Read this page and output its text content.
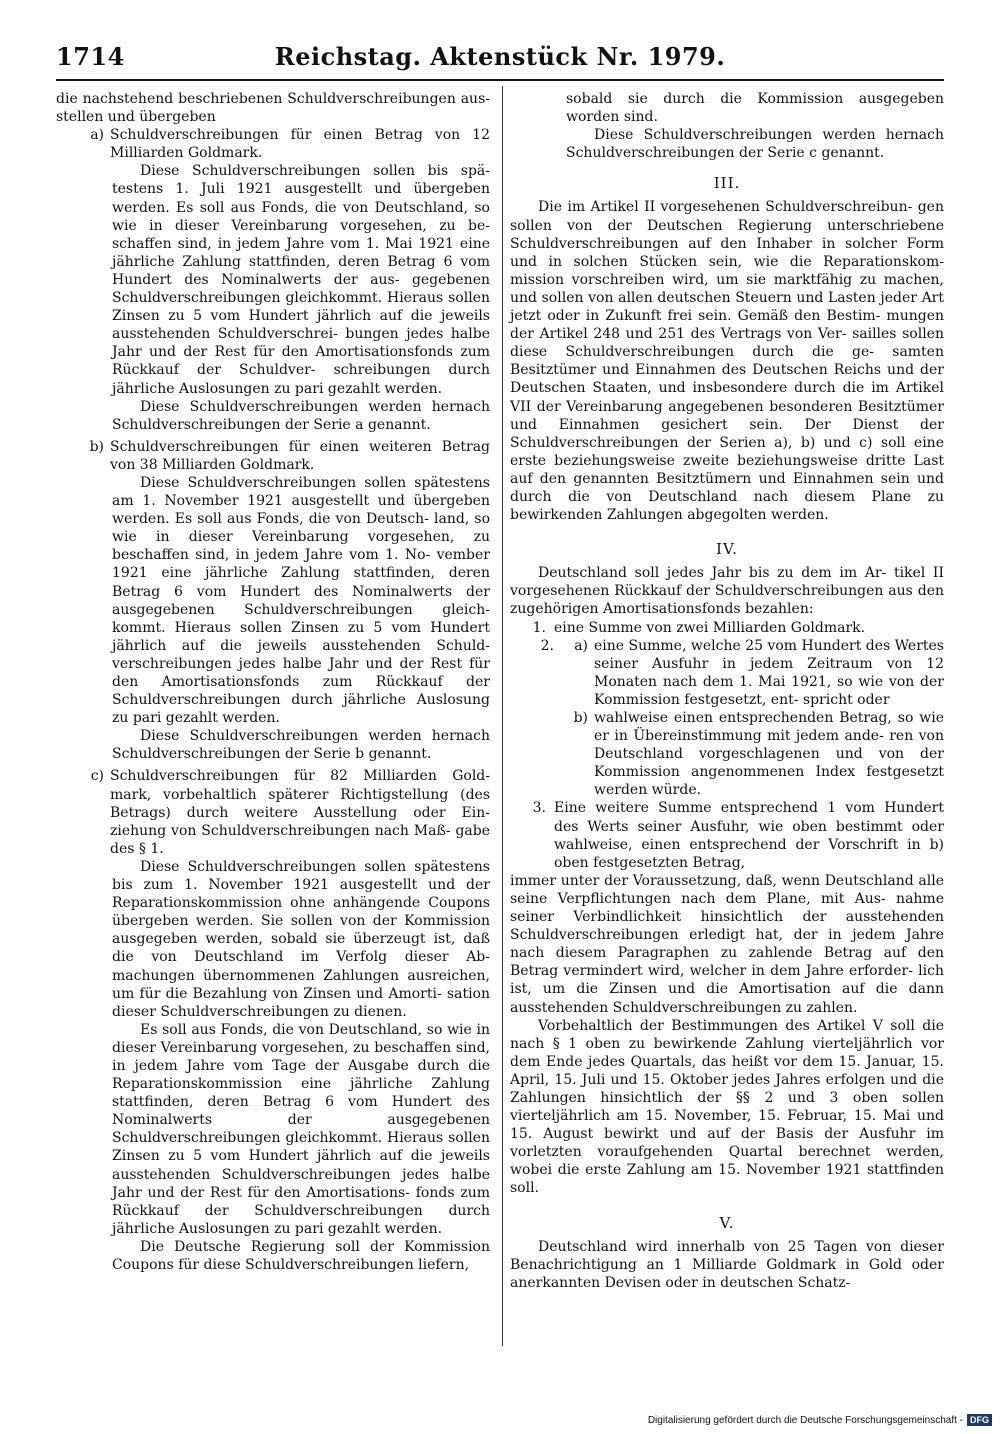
1714	Reichstag. Aktenstück Nr. 1979.

die nachstehend beschriebenen Schuldverschreibungen aus- stellen und übergeben

a) Schuldverschreibungen für einen Betrag von 12 Milliarden Goldmark.

Diese Schuldverschreibungen sollen bis spä- testens 1. Juli 1921 ausgestellt und übergeben werden. Es soll aus Fonds, die von Deutschland, so wie in dieser Vereinbarung vorgesehen, zu be- schaffen sind, in jedem Jahre vom 1. Mai 1921 eine jährliche Zahlung stattfinden, deren Betrag 6 vom Hundert des Nominalwerts der aus- gegebenen Schuldverschreibungen gleichkommt. Hieraus sollen Zinsen zu 5 vom Hundert jährlich auf die jeweils ausstehenden Schuldverschrei- bungen jedes halbe Jahr und der Rest für den Amortisationsfonds zum Rückkauf der Schuldver- schreibungen durch jährliche Auslosungen zu pari gezahlt werden.

Diese Schuldverschreibungen werden hernach Schuldverschreibungen der Serie a genannt.

b) Schuldverschreibungen für einen weiteren Betrag von 38 Milliarden Goldmark.

Diese Schuldverschreibungen sollen spätestens am 1. November 1921 ausgestellt und übergeben werden. Es soll aus Fonds, die von Deutsch- land, so wie in dieser Vereinbarung vorgesehen, zu beschaffen sind, in jedem Jahre vom 1. No- vember 1921 eine jährliche Zahlung stattfinden, deren Betrag 6 vom Hundert des Nominalwerts der ausgegebenen Schuldverschreibungen gleich- kommt. Hieraus sollen Zinsen zu 5 vom Hundert jährlich auf die jeweils ausstehenden Schuld- verschreibungen jedes halbe Jahr und der Rest für den Amortisationsfonds zum Rückkauf der Schuldverschreibungen durch jährliche Auslosung zu pari gezahlt werden.

Diese Schuldverschreibungen werden hernach Schuldverschreibungen der Serie b genannt.

c) Schuldverschreibungen für 82 Milliarden Gold- mark, vorbehaltlich späterer Richtigstellung (des Betrags) durch weitere Ausstellung oder Ein- ziehung von Schuldverschreibungen nach Maß- gabe des § 1.

Diese Schuldverschreibungen sollen spätestens bis zum 1. November 1921 ausgestellt und der Reparationskommission ohne anhängende Coupons übergeben werden. Sie sollen von der Kommission ausgegeben werden, sobald sie überzeugt ist, daß die von Deutschland im Verfolg dieser Ab- machungen übernommenen Zahlungen ausreichen, um für die Bezahlung von Zinsen und Amorti- sation dieser Schuldverschreibungen zu dienen.

Es soll aus Fonds, die von Deutschland, so wie in dieser Vereinbarung vorgesehen, zu beschaffen sind, in jedem Jahre vom Tage der Ausgabe durch die Reparationskommission eine jährliche Zahlung stattfinden, deren Betrag 6 vom Hundert des Nominalwerts der ausgegebenen Schuldverschreibungen gleichkommt. Hieraus sollen Zinsen zu 5 vom Hundert jährlich auf die jeweils ausstehenden Schuldverschreibungen jedes halbe Jahr und der Rest für den Amortisations- fonds zum Rückkauf der Schuldverschreibungen durch jährliche Auslosungen zu pari gezahlt werden.

Die Deutsche Regierung soll der Kommission Coupons für diese Schuldverschreibungen liefern,

sobald sie durch die Kommission ausgegeben worden sind.

Diese Schuldverschreibungen werden hernach Schuldverschreibungen der Serie c genannt.

III.

Die im Artikel II vorgesehenen Schuldverschreibun- gen sollen von der Deutschen Regierung unterschriebene Schuldverschreibungen auf den Inhaber in solcher Form und in solchen Stücken sein, wie die Reparationskom- mission vorschreiben wird, um sie marktfähig zu machen, und sollen von allen deutschen Steuern und Lasten jeder Art jetzt oder in Zukunft frei sein. Gemäß den Bestim- mungen der Artikel 248 und 251 des Vertrags von Ver- sailles sollen diese Schuldverschreibungen durch die ge- samten Besitztümer und Einnahmen des Deutschen Reichs und der Deutschen Staaten, und insbesondere durch die im Artikel VII der Vereinbarung angegebenen besonderen Besitztümer und Einnahmen gesichert sein. Der Dienst der Schuldverschreibungen der Serien a), b) und c) soll eine erste beziehungsweise zweite beziehungsweise dritte Last auf den genannten Besitztümern und Einnahmen sein und durch die von Deutschland nach diesem Plane zu bewirkenden Zahlungen abgegolten werden.

IV.

Deutschland soll jedes Jahr bis zu dem im Ar- tikel II vorgesehenen Rückkauf der Schuldverschreibungen aus den zugehörigen Amortisationsfonds bezahlen:

1. eine Summe von zwei Milliarden Goldmark.
2.	a) eine Summe, welche 25 vom Hundert des Wertes seiner Ausfuhr in jedem Zeitraum von 12 Monaten nach dem 1. Mai 1921, so wie von der Kommission festgesetzt, ent- spricht oder
b) wahlweise einen entsprechenden Betrag, so wie er in Übereinstimmung mit jedem ande- ren von Deutschland vorgeschlagenen und von der Kommission angenommenen Index festgesetzt werden würde.
3. Eine weitere Summe entsprechend 1 vom Hundert des Werts seiner Ausfuhr, wie oben bestimmt oder wahlweise, einen entsprechend der Vorschrift in b) oben festgesetzten Betrag,

immer unter der Voraussetzung, daß, wenn Deutschland alle seine Verpflichtungen nach dem Plane, mit Aus- nahme seiner Verbindlichkeit hinsichtlich der ausstehenden Schuldverschreibungen erledigt hat, der in jedem Jahre nach diesem Paragraphen zu zahlende Betrag auf den Betrag vermindert wird, welcher in dem Jahre erforder- lich ist, um die Zinsen und die Amortisation auf die dann ausstehenden Schuldverschreibungen zu zahlen.

Vorbehaltlich der Bestimmungen des Artikel V soll die nach § 1 oben zu bewirkende Zahlung vierteljährlich vor dem Ende jedes Quartals, das heißt vor dem 15. Januar, 15. April, 15. Juli und 15. Oktober jedes Jahres erfolgen und die Zahlungen hinsichtlich der §§ 2 und 3 oben sollen vierteljährlich am 15. November, 15. Februar, 15. Mai und 15. August bewirkt und auf der Basis der Ausfuhr im vorletzten voraufgehenden Quartal berechnet werden, wobei die erste Zahlung am 15. November 1921 stattfinden soll.

V.

Deutschland wird innerhalb von 25 Tagen von dieser Benachrichtigung an 1 Milliarde Goldmark in Gold oder anerkannten Devisen oder in deutschen Schatz-

Digitalisierung gefördert durch die Deutsche Forschungsgemeinschaft - DFG
